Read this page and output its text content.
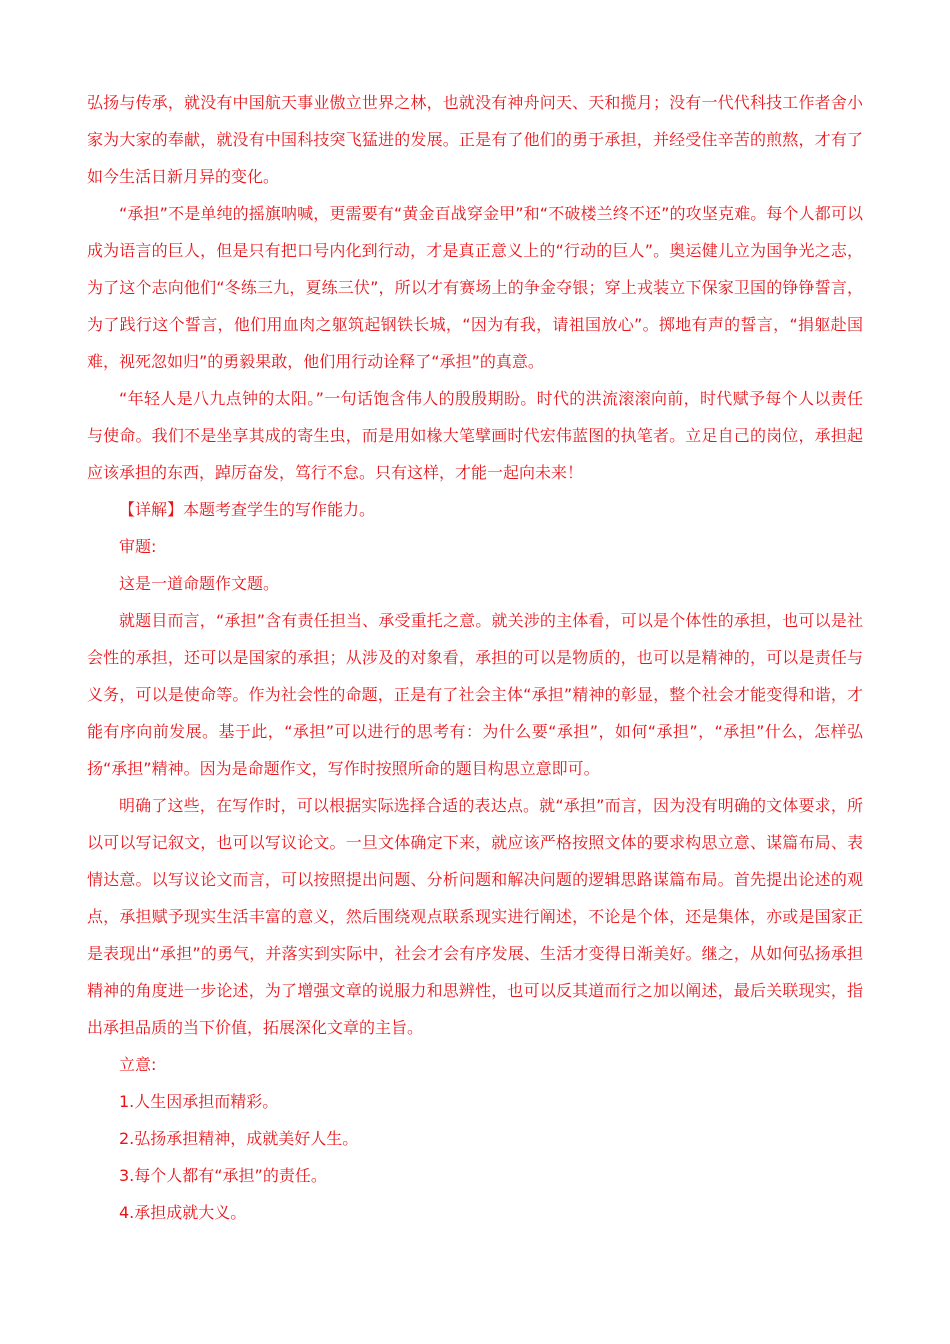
弘扬与传承，就没有中国航天事业傲立世界之林，也就没有神舟问天、天和揽月；没有一代代科技工作者舍小家为大家的奉献，就没有中国科技突飞猛进的发展。正是有了他们的勇于承担，并经受住辛苦的煎熬，才有了如今生活日新月异的变化。

“承担”不是单纯的摇旗呐喊，更需要有“黄金百战穿金甲”和“不破楼兰终不还”的攻坚克难。每个人都可以成为语言的巨人，但是只有把口号内化到行动，才是真正意义上的“行动的巨人”。奥运健儿立为国争光之志，为了这个志向他们“冬练三九，夏练三伏”，所以才有赛场上的争金夺银；穿上戎装立下保家卫国的铮铮誓言，为了践行这个誓言，他们用血肉之躯筑起钢铁长城，“因为有我，请祖国放心”。掷地有声的誓言，“捐躯赴国难，视死忽如归”的勇毅果敢，他们用行动诠释了“承担”的真意。

“年轻人是八九点钟的太阳。”一句话饱含伟人的殷殷期盼。时代的洪流滚滚向前，时代赋予每个人以责任与使命。我们不是坐享其成的寄生虫，而是用如椽大笔擘画时代宏伟蓝图的执笔者。立足自己的岗位，承担起应该承担的东西，踔厉奋发，笃行不怠。只有这样，才能一起向未来！

【详解】本题考查学生的写作能力。

审题:

这是一道命题作文题。

就题目而言，“承担”含有责任担当、承受重托之意。就关涉的主体看，可以是个体性的承担，也可以是社会性的承担，还可以是国家的承担；从涉及的对象看，承担的可以是物质的，也可以是精神的，可以是责任与义务，可以是使命等。作为社会性的命题，正是有了社会主体“承担”精神的彰显，整个社会才能变得和谐，才能有序向前发展。基于此，“承担”可以进行的思考有：为什么要“承担”，如何“承担”，“承担”什么，怎样弘扬“承担”精神。因为是命题作文，写作时按照所命的题目构思立意即可。

明确了这些，在写作时，可以根据实际选择合适的表达点。就“承担”而言，因为没有明确的文体要求，所以可以写记叙文，也可以写议论文。一旦文体确定下来，就应该严格按照文体的要求构思立意、谋篇布局、表情达意。以写议论文而言，可以按照提出问题、分析问题和解决问题的逻辑思路谋篇布局。首先提出论述的观点，承担赋予现实生活丰富的意义，然后围绕观点联系现实进行阐述，不论是个体，还是集体，亦或是国家正是表现出“承担”的勇气，并落实到实际中，社会才会有序发展、生活才变得日渐美好。继之，从如何弘扬承担精神的角度进一步论述，为了增强文章的说服力和思辨性，也可以反其道而行之加以阐述，最后关联现实，指出承担品质的当下价值，拓展深化文章的主旨。

立意:

1.人生因承担而精彩。

2.弘扬承担精神，成就美好人生。

3.每个人都有“承担”的责任。

4.承担成就大义。
